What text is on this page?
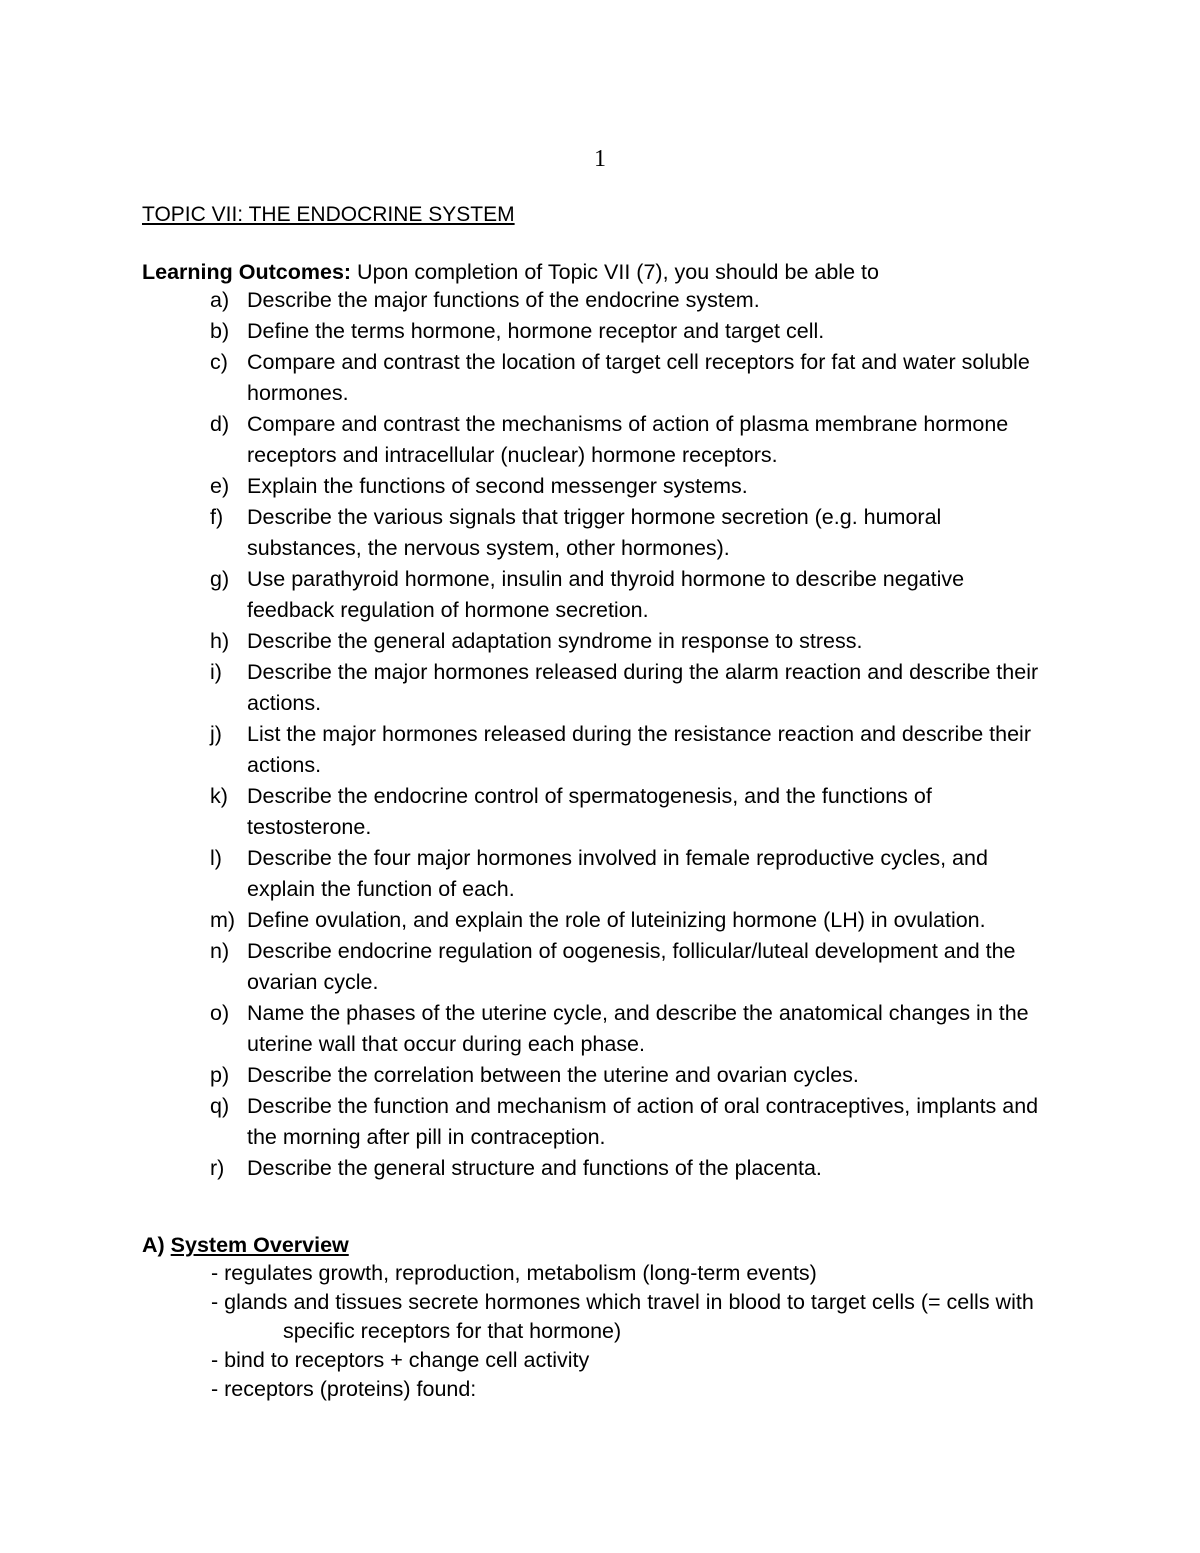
1
TOPIC VII: THE ENDOCRINE SYSTEM
Learning Outcomes: Upon completion of Topic VII (7), you should be able to
a) Describe the major functions of the endocrine system.
b) Define the terms hormone, hormone receptor and target cell.
c) Compare and contrast the location of target cell receptors for fat and water soluble
hormones.
d) Compare and contrast the mechanisms of action of plasma membrane hormone
receptors and intracellular (nuclear) hormone receptors.
e) Explain the functions of second messenger systems.
f) Describe the various signals that trigger hormone secretion (e.g. humoral
substances, the nervous system, other hormones).
g) Use parathyroid hormone, insulin and thyroid hormone to describe negative
feedback regulation of hormone secretion.
h) Describe the general adaptation syndrome in response to stress.
i) Describe the major hormones released during the alarm reaction and describe their
actions.
j) List the major hormones released during the resistance reaction and describe their
actions.
k) Describe the endocrine control of spermatogenesis, and the functions of
testosterone.
l) Describe the four major hormones involved in female reproductive cycles, and
explain the function of each.
m) Define ovulation, and explain the role of luteinizing hormone (LH) in ovulation.
n) Describe endocrine regulation of oogenesis, follicular/luteal development and the
ovarian cycle.
o) Name the phases of the uterine cycle, and describe the anatomical changes in the
uterine wall that occur during each phase.
p) Describe the correlation between the uterine and ovarian cycles.
q) Describe the function and mechanism of action of oral contraceptives, implants and
the morning after pill in contraception.
r) Describe the general structure and functions of the placenta.
A) System Overview
- regulates growth, reproduction, metabolism (long-term events)
- glands and tissues secrete hormones which travel in blood to target cells (= cells with
specific receptors for that hormone)
- bind to receptors + change cell activity
- receptors (proteins) found:
